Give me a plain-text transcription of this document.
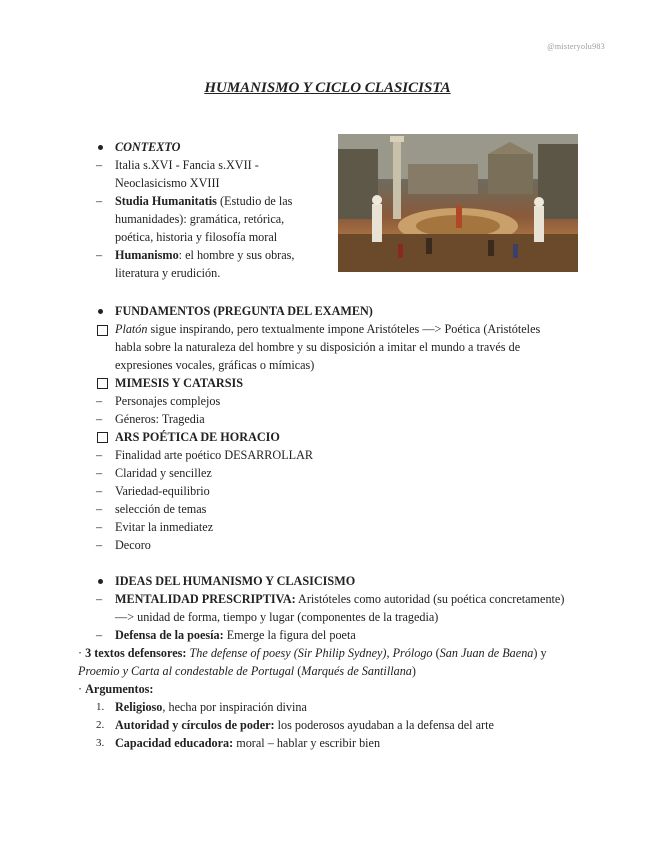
@misteryolu983
HUMANISMO Y CICLO CLASICISTA
CONTEXTO
– Italia s.XVI - Fancia s.XVII -
Neoclasicismo XVIII
– Studia Humanitatis (Estudio de las
humanidades): gramática, retórica,
poética, historia y filosofía moral
– Humanismo: el hombre y sus obras,
literatura y erudición.
FUNDAMENTOS (PREGUNTA DEL EXAMEN)
Platón sigue inspirando, pero textualmente impone Aristóteles —> Poética (Aristóteles
habla sobre la naturaleza del hombre y su disposición a imitar el mundo a través de
expresiones vocales, gráficas o mímicas)
MIMESIS Y CATARSIS
– Personajes complejos
– Géneros: Tragedia
ARS POÉTICA DE HORACIO
– Finalidad arte poético DESARROLLAR
– Claridad y sencillez
– Variedad-equilibrio
– selección de temas
– Evitar la inmediatez
– Decoro
IDEAS DEL HUMANISMO Y CLASICISMO
– MENTALIDAD PRESCRIPTIVA: Aristóteles como autoridad (su poética concretamente)
—> unidad de forma, tiempo y lugar (componentes de la tragedia)
– Defensa de la poesía: Emerge la figura del poeta
· 3 textos defensores: The defense of poesy (Sir Philip Sydney), Prólogo (San Juan de Baena) y
Proemio y Carta al condestable de Portugal (Marqués de Santillana)
· Argumentos:
1. Religioso, hecha por inspiración divina
2. Autoridad y círculos de poder: los poderosos ayudaban a la defensa del arte
3. Capacidad educadora: moral – hablar y escribir bien
